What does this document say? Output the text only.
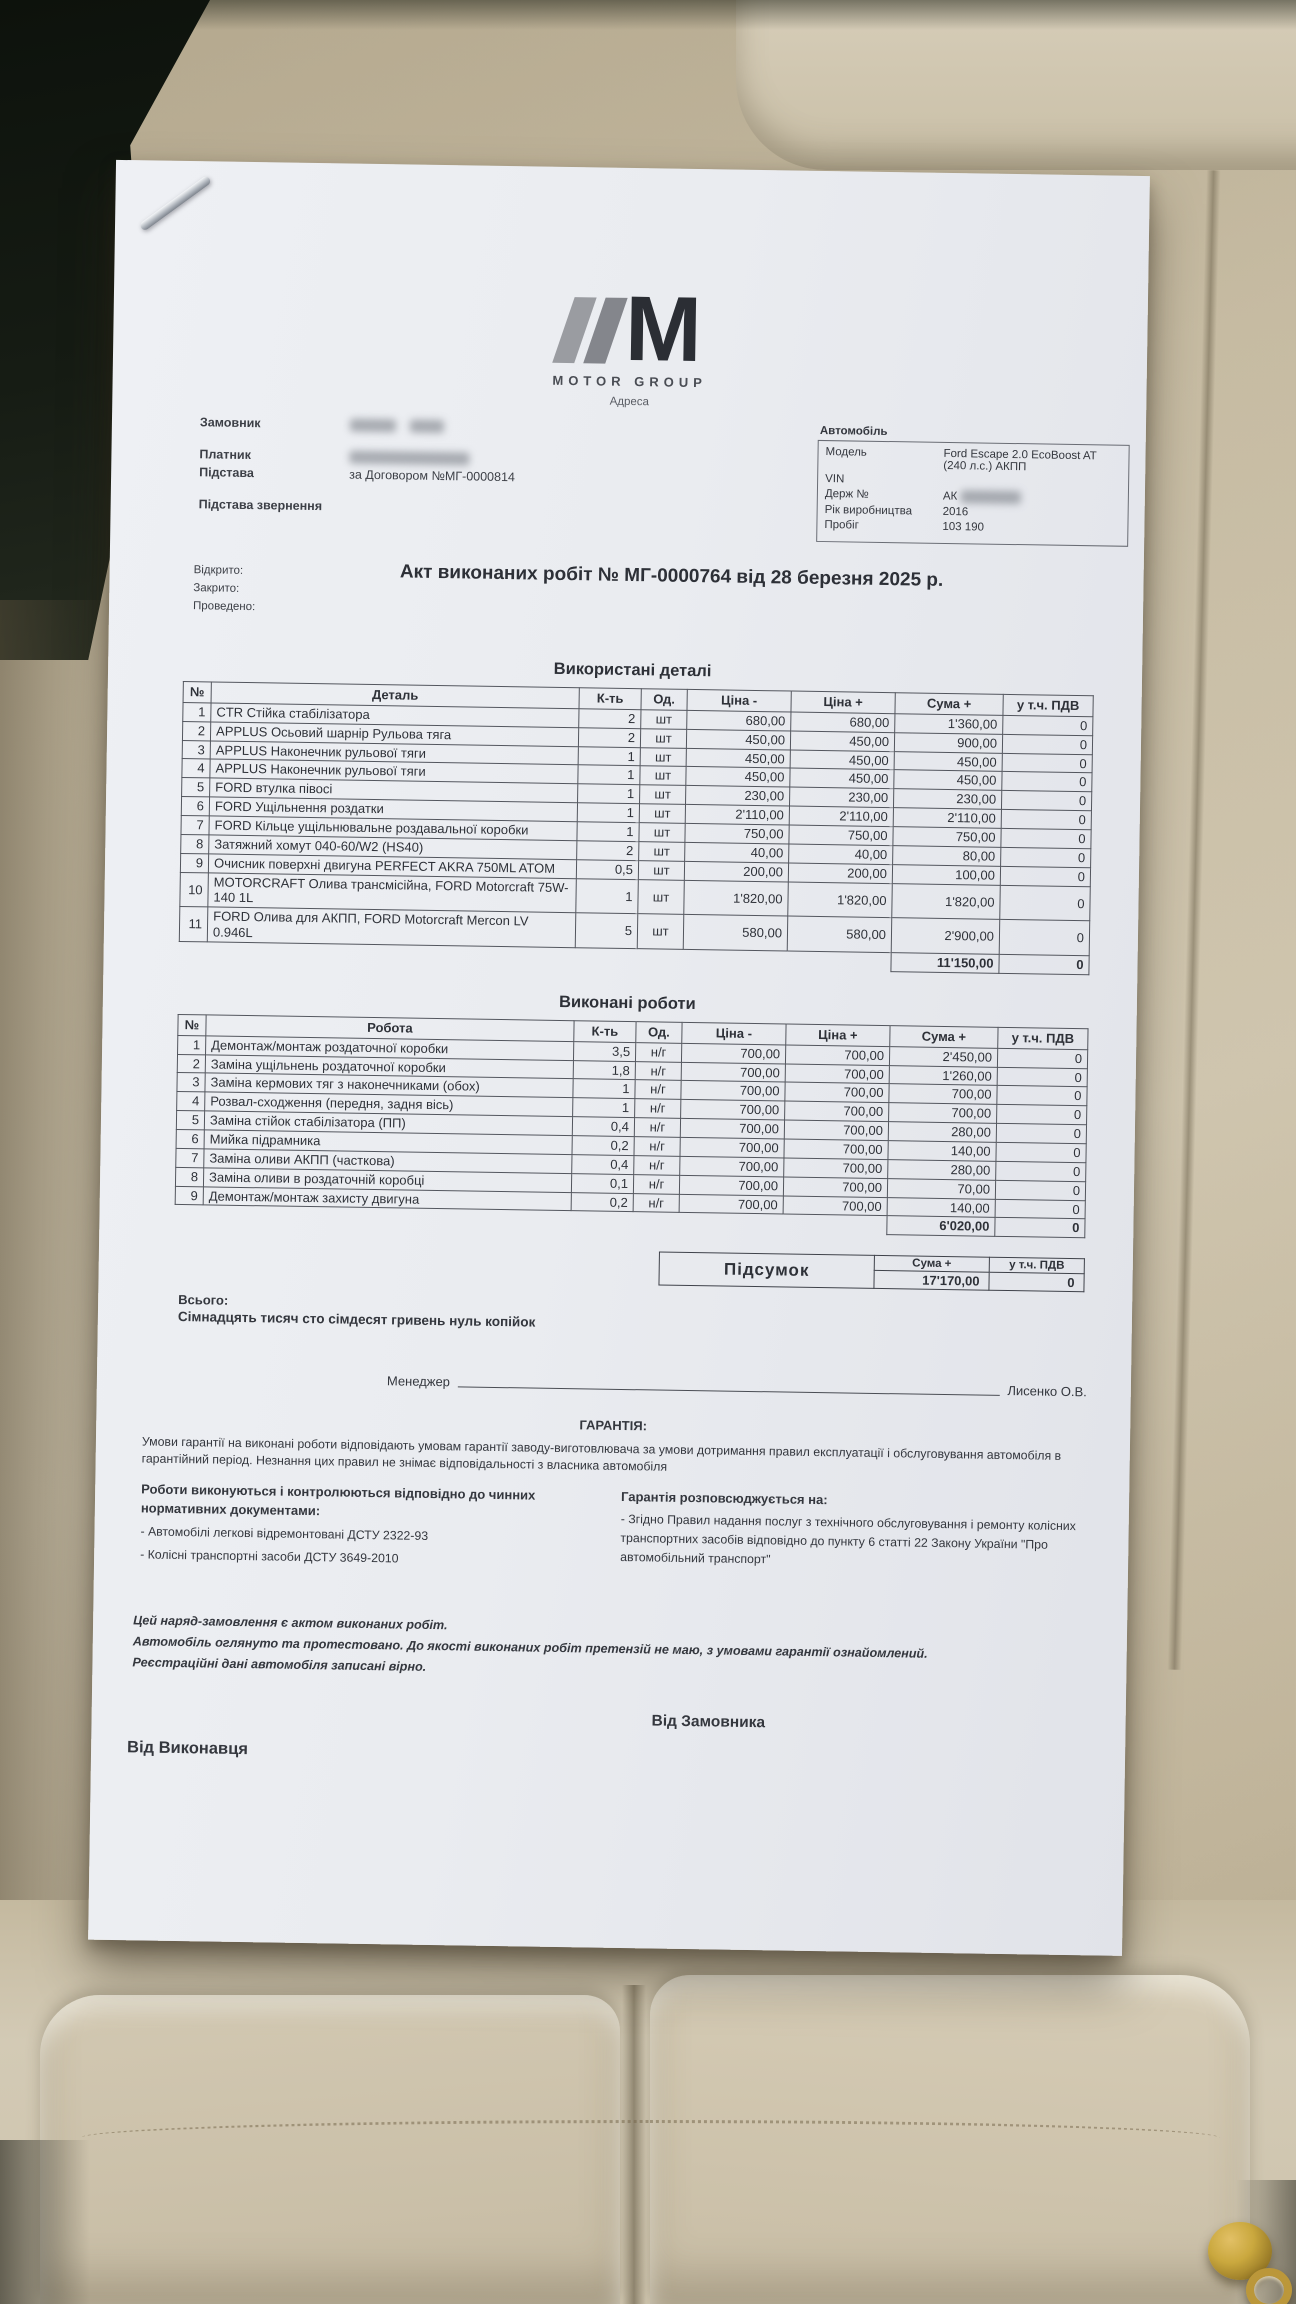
M
MOTOR GROUP
Адреса
Замовник
Платник
Підстава	за Договором №МГ-0000814
Підстава звернення
Автомобіль
Модель	Ford Escape 2.0 EcoBoost AT (240 л.с.) АКПП
VIN
Держ №	АК
Рік виробництва	2016
Пробіг	103 190
Відкрито:
Закрито:
Проведено:
Акт виконаних робіт № МГ-0000764 від 28 березня 2025 р.
Використані деталі
№	Деталь	К-ть	Од.	Ціна -	Ціна +	Сума +	у т.ч. ПДВ
1	CTR Стійка стабілізатора	2	шт	680,00	680,00	1'360,00	0
2	APPLUS Осьовий шарнір Рульова тяга	2	шт	450,00	450,00	900,00	0
3	APPLUS Наконечник рульової тяги	1	шт	450,00	450,00	450,00	0
4	APPLUS Наконечник рульової тяги	1	шт	450,00	450,00	450,00	0
5	FORD втулка півосі	1	шт	230,00	230,00	230,00	0
6	FORD Ущільнення роздатки	1	шт	2'110,00	2'110,00	2'110,00	0
7	FORD Кільце ущільнювальне роздавальної коробки	1	шт	750,00	750,00	750,00	0
8	Затяжний хомут 040-60/W2 (HS40)	2	шт	40,00	40,00	80,00	0
9	Очисник поверхні двигуна PERFECT AKRA 750ML ATOM	0,5	шт	200,00	200,00	100,00	0
10	MOTORCRAFT Олива трансмісійна, FORD Motorcraft 75W-140 1L	1	шт	1'820,00	1'820,00	1'820,00	0
11	FORD Олива для АКПП, FORD Motorcraft Mercon LV 0.946L	5	шт	580,00	580,00	2'900,00	0
						11'150,00	0
Виконані роботи
№	Робота	К-ть	Од.	Ціна -	Ціна +	Сума +	у т.ч. ПДВ
1	Демонтаж/монтаж роздаточної коробки	3,5	н/г	700,00	700,00	2'450,00	0
2	Заміна ущільнень роздаточної коробки	1,8	н/г	700,00	700,00	1'260,00	0
3	Заміна кермових тяг з наконечниками (обох)	1	н/г	700,00	700,00	700,00	0
4	Розвал-сходження (передня, задня вісь)	1	н/г	700,00	700,00	700,00	0
5	Заміна стійок стабілізатора (ПП)	0,4	н/г	700,00	700,00	280,00	0
6	Мийка підрамника	0,2	н/г	700,00	700,00	140,00	0
7	Заміна оливи АКПП (часткова)	0,4	н/г	700,00	700,00	280,00	0
8	Заміна оливи в роздаточній коробці	0,1	н/г	700,00	700,00	70,00	0
9	Демонтаж/монтаж захисту двигуна	0,2	н/г	700,00	700,00	140,00	0
						6'020,00	0
Підсумок	Сума +	у т.ч. ПДВ
	17'170,00	0
Всього:
Сімнадцять тисяч сто сімдесят гривень нуль копійок
Менеджер
Лисенко О.В.
ГАРАНТІЯ:
Умови гарантії на виконані роботи відповідають умовам гарантії заводу-виготовлювача за умови дотримання правил експлуатації і обслуговування автомобіля в гарантійний період. Незнання цих правил не знімає відповідальності з власника автомобіля
Роботи виконуються і контролюються відповідно до чинних нормативних документами:
- Автомобілі легкові відремонтовані ДСТУ 2322-93
- Колісні транспортні засоби ДСТУ 3649-2010
Гарантія розповсюджується на:
- Згідно Правил надання послуг з технічного обслуговування і ремонту колісних транспортних засобів відповідно до пункту 6 статті 22 Закону України "Про автомобільний транспорт"
Цей наряд-замовлення є актом виконаних робіт.
Автомобіль оглянуто та протестовано. До якості виконаних робіт претензій не маю, з умовами гарантії ознайомлений.
Реєстраційні дані автомобіля записані вірно.
Від Замовника
Від Виконавця
